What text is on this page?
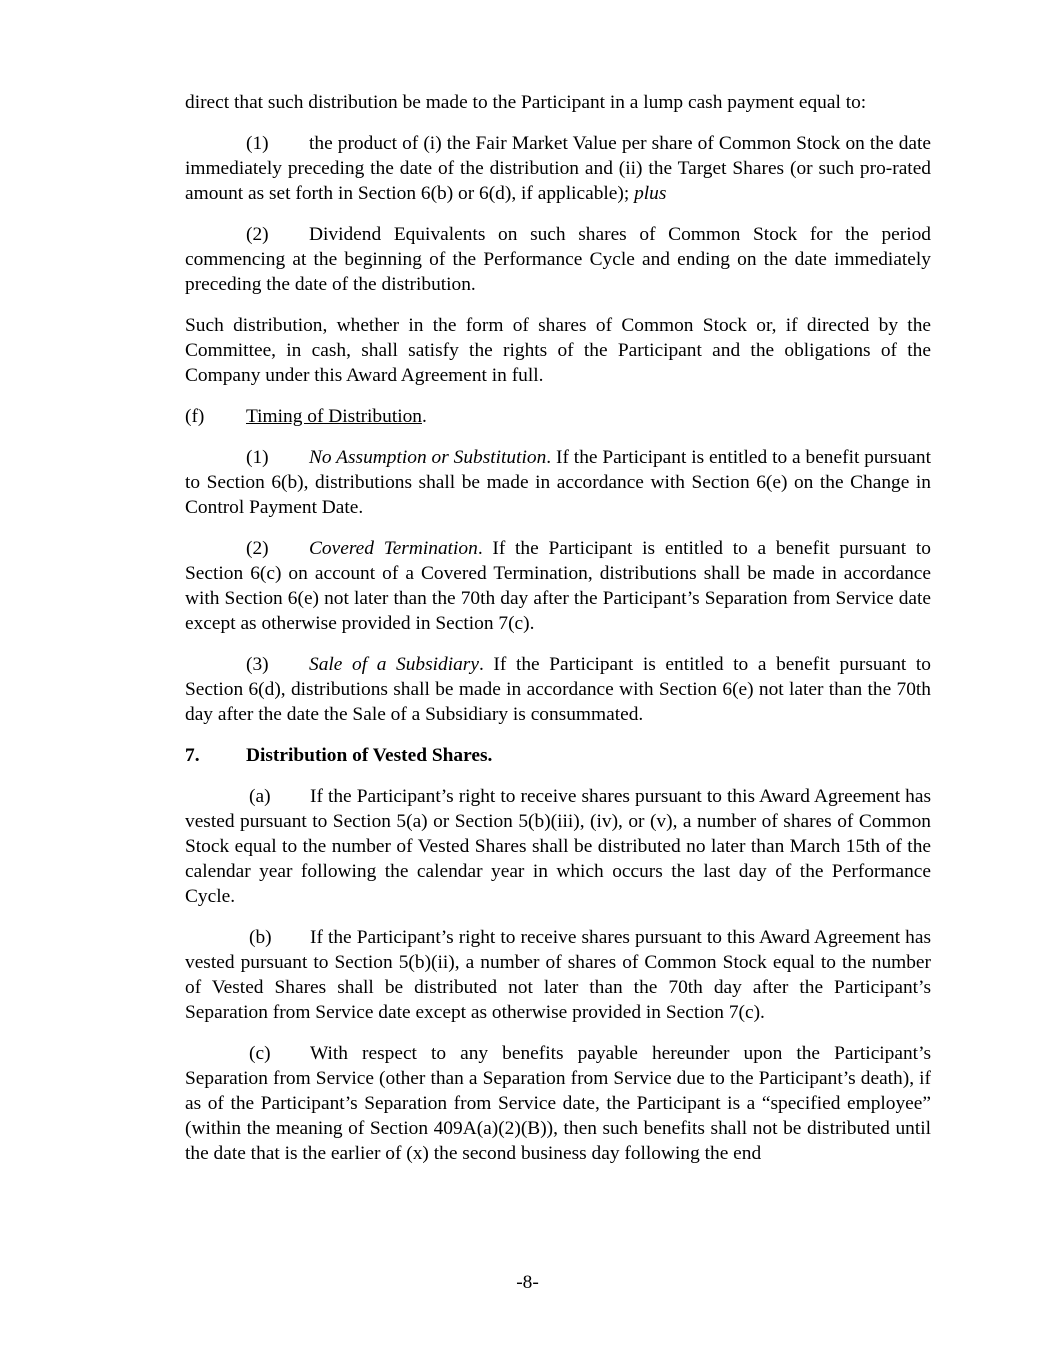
direct that such distribution be made to the Participant in a lump cash payment equal to:

(1) the product of (i) the Fair Market Value per share of Common Stock on the date immediately preceding the date of the distribution and (ii) the Target Shares (or such pro-rated amount as set forth in Section 6(b) or 6(d), if applicable); plus

(2) Dividend Equivalents on such shares of Common Stock for the period commencing at the beginning of the Performance Cycle and ending on the date immediately preceding the date of the distribution.

Such distribution, whether in the form of shares of Common Stock or, if directed by the Committee, in cash, shall satisfy the rights of the Participant and the obligations of the Company under this Award Agreement in full.

(f) Timing of Distribution.

(1) No Assumption or Substitution. If the Participant is entitled to a benefit pursuant to Section 6(b), distributions shall be made in accordance with Section 6(e) on the Change in Control Payment Date.

(2) Covered Termination. If the Participant is entitled to a benefit pursuant to Section 6(c) on account of a Covered Termination, distributions shall be made in accordance with Section 6(e) not later than the 70th day after the Participant’s Separation from Service date except as otherwise provided in Section 7(c).

(3) Sale of a Subsidiary. If the Participant is entitled to a benefit pursuant to Section 6(d), distributions shall be made in accordance with Section 6(e) not later than the 70th day after the date the Sale of a Subsidiary is consummated.

7. Distribution of Vested Shares.

(a) If the Participant’s right to receive shares pursuant to this Award Agreement has vested pursuant to Section 5(a) or Section 5(b)(iii), (iv), or (v), a number of shares of Common Stock equal to the number of Vested Shares shall be distributed no later than March 15th of the calendar year following the calendar year in which occurs the last day of the Performance Cycle.

(b) If the Participant’s right to receive shares pursuant to this Award Agreement has vested pursuant to Section 5(b)(ii), a number of shares of Common Stock equal to the number of Vested Shares shall be distributed not later than the 70th day after the Participant’s Separation from Service date except as otherwise provided in Section 7(c).

(c) With respect to any benefits payable hereunder upon the Participant’s Separation from Service (other than a Separation from Service due to the Participant’s death), if as of the Participant’s Separation from Service date, the Participant is a “specified employee” (within the meaning of Section 409A(a)(2)(B)), then such benefits shall not be distributed until the date that is the earlier of (x) the second business day following the end

-8-
